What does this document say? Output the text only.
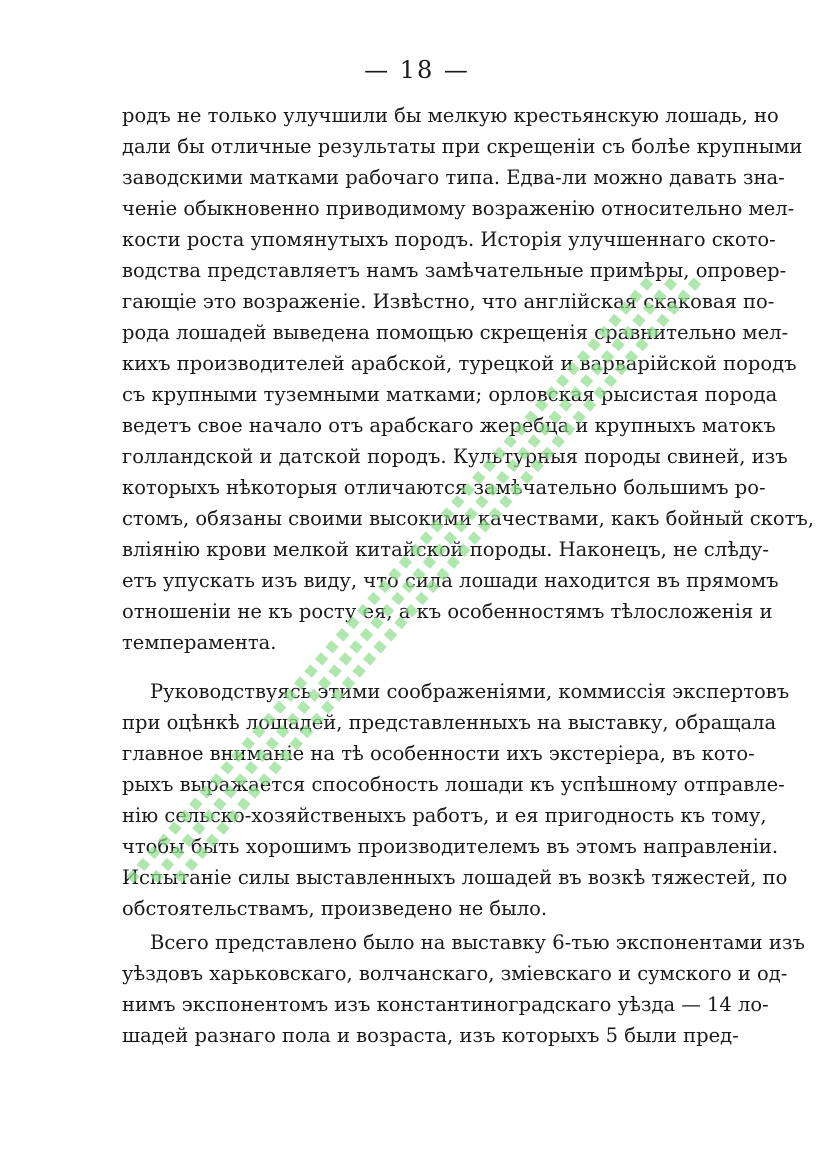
— 18 —
родъ не только улучшили бы мелкую крестьянскую лошадь, но
дали бы отличные результаты при скрещеніи съ болѣе крупными
заводскими матками рабочаго типа. Едва-ли можно давать зна-
ченіе обыкновенно приводимому возраженію относительно мел-
кости роста упомянутыхъ породъ. Исторія улучшеннаго ското-
водства представляетъ намъ замѣчательные примѣры, опровер-
гающіе это возраженіе. Извѣстно, что англійская скаковая по-
рода лошадей выведена помощью скрещенія сравнительно мел-
кихъ производителей арабской, турецкой и варварійской породъ
съ крупными туземными матками; орловская рысистая порода
ведетъ свое начало отъ арабскаго жеребца и крупныхъ матокъ
голландской и датской породъ. Культурныя породы свиней, изъ
которыхъ нѣкоторыя отличаются замѣчательно большимъ ро-
стомъ, обязаны своими высокими качествами, какъ бойный скотъ,
вліянію крови мелкой китайской породы. Наконецъ, не слѣду-
етъ упускать изъ виду, что сила лошади находится въ прямомъ
отношеніи не къ росту ея, а къ особенностямъ тѣлосложенія и
темперамента.
Руководствуясь этими соображеніями, коммиссія экспертовъ
при оцѣнкѣ лошадей, представленныхъ на выставку, обращала
главное вниманіе на тѣ особенности ихъ экстеріера, въ кото-
рыхъ выражается способность лошади къ успѣшному отправле-
нію сельско-хозяйственыхъ работъ, и ея пригодность къ тому,
чтобы быть хорошимъ производителемъ въ этомъ направленіи.
Испытаніе силы выставленныхъ лошадей въ возкѣ тяжестей, по
обстоятельствамъ, произведено не было.
Всего представлено было на выставку 6-тью экспонентами изъ
уѣздовъ харьковскаго, волчанскаго, змiевскаго и сумского и од-
нимъ экспонентомъ изъ константиноградскаго уѣзда — 14 ло-
шадей разнаго пола и возраста, изъ которыхъ 5 были пред-
